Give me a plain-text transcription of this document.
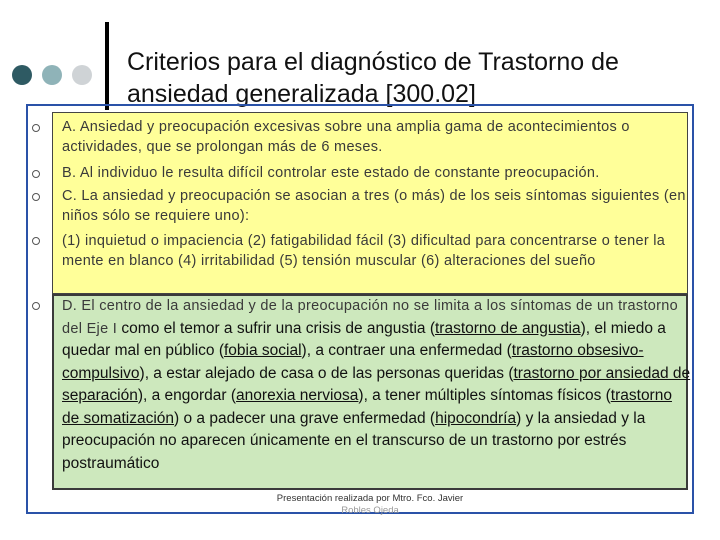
Criterios para el diagnóstico de Trastorno de ansiedad generalizada [300.02]
A. Ansiedad y preocupación excesivas sobre una amplia gama de acontecimientos o actividades, que se prolongan más de 6 meses.
B. Al individuo le resulta difícil controlar este estado de constante preocupación.
C. La ansiedad y preocupación se asocian a tres (o más) de los seis síntomas siguientes (en niños sólo se requiere uno):
(1) inquietud o impaciencia (2) fatigabilidad fácil (3) dificultad para concentrarse o tener la mente en blanco (4) irritabilidad (5) tensión muscular (6) alteraciones del sueño
D. El centro de la ansiedad y de la preocupación no se limita a los síntomas de un trastorno del Eje I como el temor a sufrir una crisis de angustia (trastorno de angustia), el miedo a quedar mal en público (fobia social), a contraer una enfermedad (trastorno obsesivo-compulsivo), a estar alejado de casa o de las personas queridas (trastorno por ansiedad de separación), a engordar (anorexia nerviosa), a tener múltiples síntomas físicos (trastorno de somatización) o a padecer una grave enfermedad (hipocondría) y la ansiedad y la preocupación no aparecen únicamente en el transcurso de un trastorno por estrés postraumático
Presentación realizada por Mtro. Fco. Javier
Robles Ojeda
